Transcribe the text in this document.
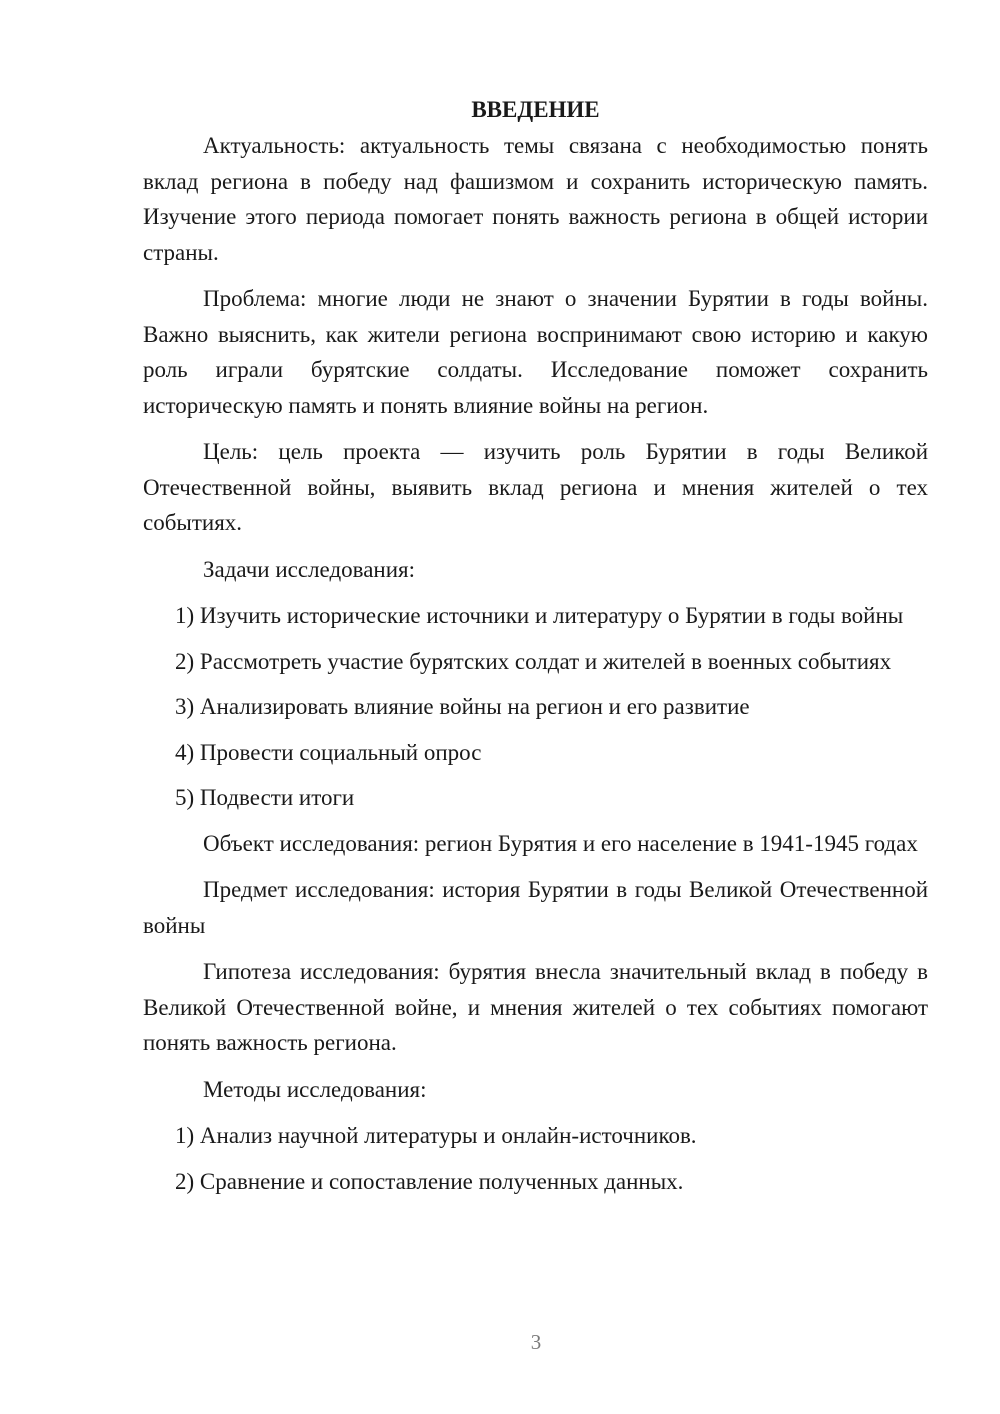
ВВЕДЕНИЕ

Актуальность: актуальность темы связана с необходимостью понять вклад региона в победу над фашизмом и сохранить историческую память. Изучение этого периода помогает понять важность региона в общей истории страны.

Проблема: многие люди не знают о значении Бурятии в годы войны. Важно выяснить, как жители региона воспринимают свою историю и какую роль играли бурятские солдаты. Исследование поможет сохранить историческую память и понять влияние войны на регион.

Цель: цель проекта — изучить роль Бурятии в годы Великой Отечественной войны, выявить вклад региона и мнения жителей о тех событиях.

Задачи исследования:

1) Изучить исторические источники и литературу о Бурятии в годы войны

2) Рассмотреть участие бурятских солдат и жителей в военных событиях

3) Анализировать влияние войны на регион и его развитие

4) Провести социальный опрос

5) Подвести итоги

Объект исследования: регион Бурятия и его население в 1941-1945 годах

Предмет исследования: история Бурятии в годы Великой Отечественной войны

Гипотеза исследования: бурятия внесла значительный вклад в победу в Великой Отечественной войне, и мнения жителей о тех событиях помогают понять важность региона.

Методы исследования:

1) Анализ научной литературы и онлайн-источников.

2) Сравнение и сопоставление полученных данных.

3
